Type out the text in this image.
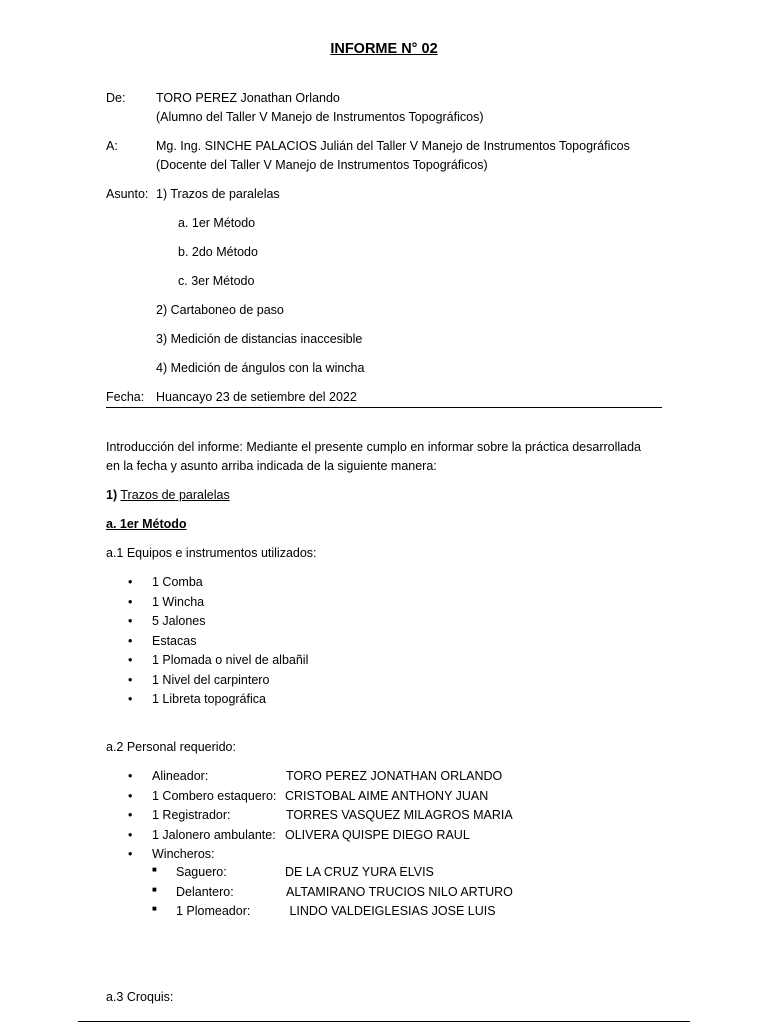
INFORME N° 02
De: TORO PEREZ Jonathan Orlando
(Alumno del Taller V Manejo de Instrumentos Topográficos)
A:	Mg. Ing. SINCHE PALACIOS Julián del Taller V Manejo de Instrumentos Topográficos
(Docente del Taller V Manejo de Instrumentos Topográficos)
Asunto: 1) Trazos de paralelas
a. 1er Método
b. 2do Método
c. 3er Método
2) Cartaboneo de paso
3) Medición de distancias inaccesible
4) Medición de ángulos con la wincha
Fecha: Huancayo 23 de setiembre del 2022
Introducción del informe: Mediante el presente cumplo en informar sobre la práctica desarrollada
en la fecha y asunto arriba indicada de la siguiente manera:
1) Trazos de paralelas
a. 1er Método
a.1 Equipos e instrumentos utilizados:
• 1 Comba
• 1 Wincha
• 5 Jalones
• Estacas
• 1 Plomada o nivel de albañil
• 1 Nivel del carpintero
• 1 Libreta topográfica
a.2 Personal requerido:
• Alineador:	TORO PEREZ JONATHAN ORLANDO
• 1 Combero estaquero: CRISTOBAL AIME ANTHONY JUAN
• 1 Registrador:	TORRES VASQUEZ MILAGROS MARIA
• 1 Jalonero ambulante: OLIVERA QUISPE DIEGO RAUL
• Wincheros:
■ Saguero:	DE LA CRUZ YURA ELVIS
■ Delantero:	ALTAMIRANO TRUCIOS NILO ARTURO
■ 1 Plomeador:	LINDO VALDEIGLESIAS JOSE LUIS
a.3 Croquis:
